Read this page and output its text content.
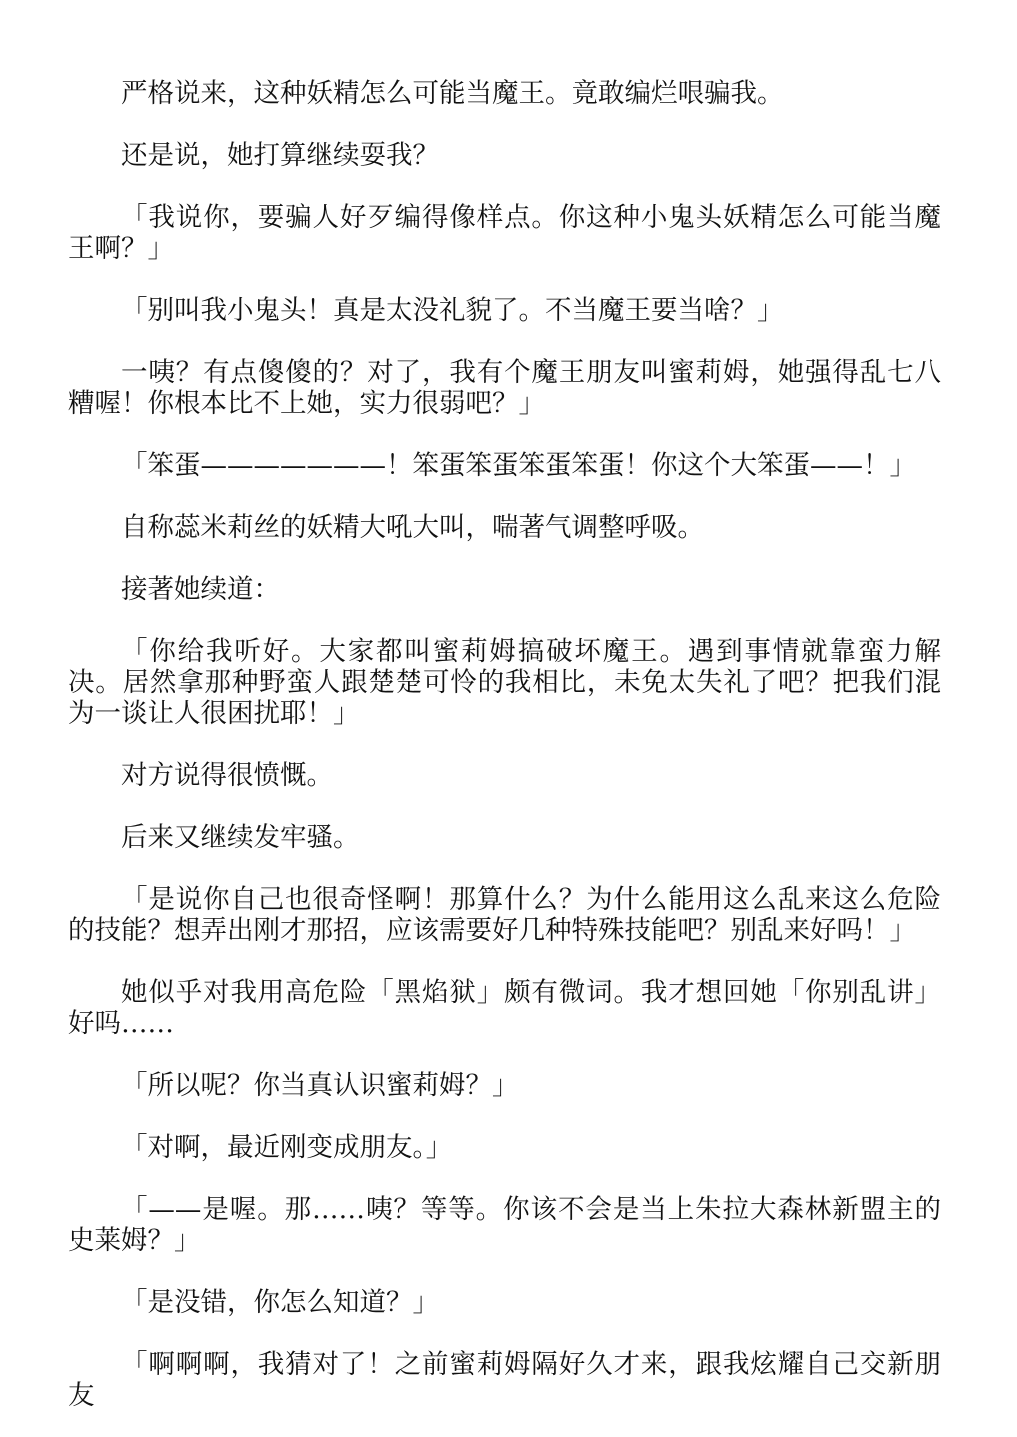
严格说来，这种妖精怎么可能当魔王。竟敢编烂哏骗我。

还是说，她打算继续耍我？

「我说你，要骗人好歹编得像样点。你这种小鬼头妖精怎么可能当魔王啊？」

「别叫我小鬼头！真是太没礼貌了。不当魔王要当啥？」

一咦？有点傻傻的？对了，我有个魔王朋友叫蜜莉姆，她强得乱七八糟喔！你根本比不上她，实力很弱吧？」

「笨蛋———————！笨蛋笨蛋笨蛋笨蛋！你这个大笨蛋——！」

自称蕊米莉丝的妖精大吼大叫，喘著气调整呼吸。

接著她续道：

「你给我听好。大家都叫蜜莉姆搞破坏魔王。遇到事情就靠蛮力解决。居然拿那种野蛮人跟楚楚可怜的我相比，未免太失礼了吧？把我们混为一谈让人很困扰耶！」

对方说得很愤慨。

后来又继续发牢骚。

「是说你自己也很奇怪啊！那算什么？为什么能用这么乱来这么危险的技能？想弄出刚才那招，应该需要好几种特殊技能吧？别乱来好吗！」

她似乎对我用高危险「黑焰狱」颇有微词。我才想回她「你别乱讲」好吗……

「所以呢？你当真认识蜜莉姆？」

「对啊，最近刚变成朋友。」

「——是喔。那……咦？等等。你该不会是当上朱拉大森林新盟主的史莱姆？」

「是没错，你怎么知道？」

「啊啊啊，我猜对了！之前蜜莉姆隔好久才来，跟我炫耀自己交新朋友
